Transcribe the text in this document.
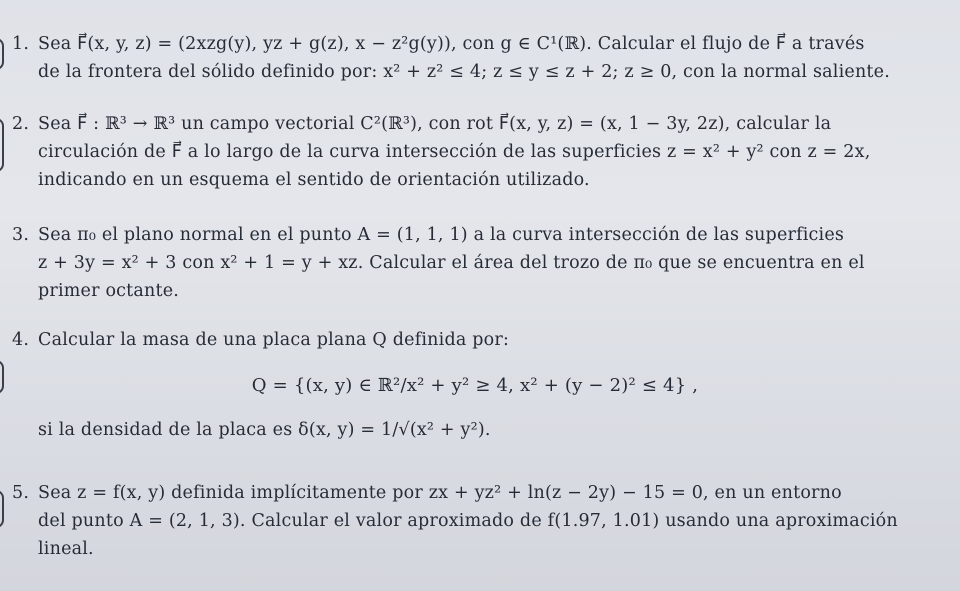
1. Sea F⃗(x, y, z) = (2xzg(y), yz + g(z), x − z²g(y)), con g ∈ C¹(ℝ). Calcular el flujo de F⃗ a través
de la frontera del sólido definido por: x² + z² ≤ 4; z ≤ y ≤ z + 2; z ≥ 0, con la normal saliente.
2. Sea F⃗ : ℝ³ → ℝ³ un campo vectorial C²(ℝ³), con rot F⃗(x, y, z) = (x, 1 − 3y, 2z), calcular la
circulación de F⃗ a lo largo de la curva intersección de las superficies z = x² + y² con z = 2x,
indicando en un esquema el sentido de orientación utilizado.
3. Sea π₀ el plano normal en el punto A = (1, 1, 1) a la curva intersección de las superficies
z + 3y = x² + 3 con x² + 1 = y + xz. Calcular el área del trozo de π₀ que se encuentra en el
primer octante.
4. Calcular la masa de una placa plana Q definida por:
Q = {(x, y) ∈ ℝ²/x² + y² ≥ 4, x² + (y − 2)² ≤ 4} ,
si la densidad de la placa es δ(x, y) = 1/√(x² + y²).
5. Sea z = f(x, y) definida implícitamente por zx + yz² + ln(z − 2y) − 15 = 0, en un entorno
del punto A = (2, 1, 3). Calcular el valor aproximado de f(1.97, 1.01) usando una aproximación
lineal.
